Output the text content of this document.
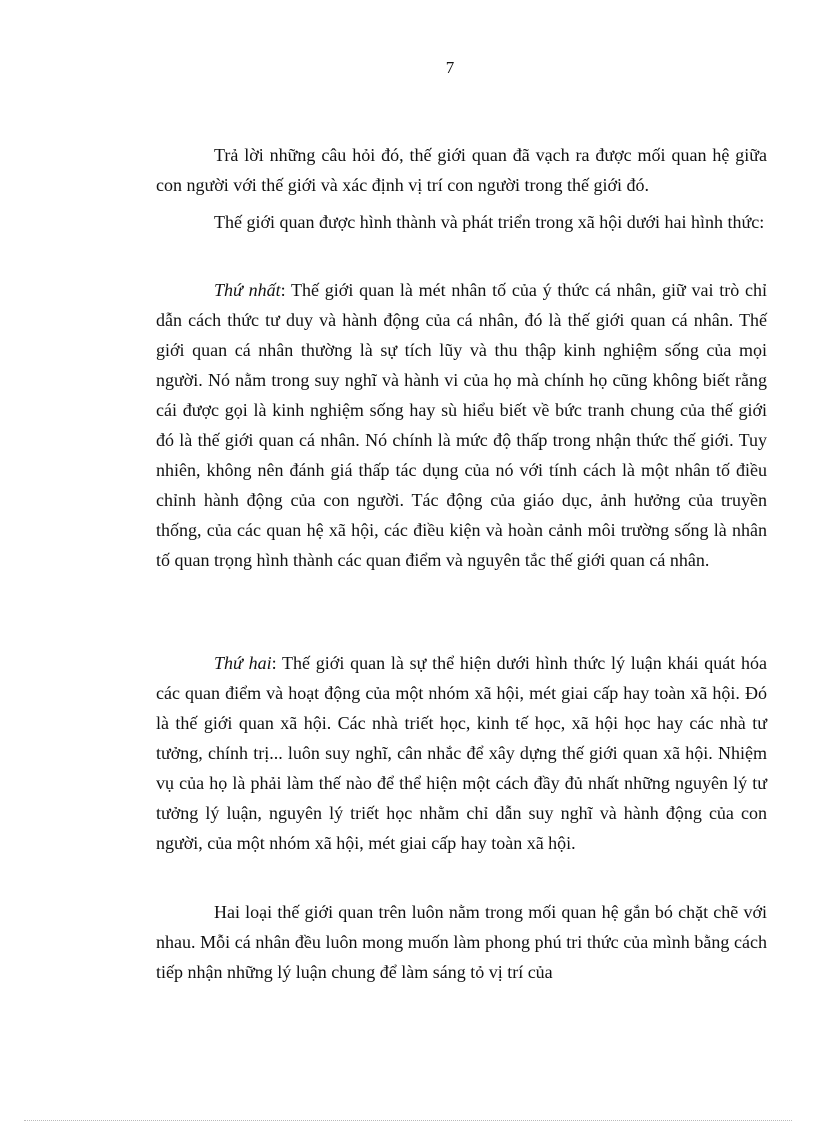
7

Trả lời những câu hỏi đó, thế giới quan đã vạch ra được mối quan hệ giữa con người với thế giới và xác định vị trí con người trong thế giới đó.

Thế giới quan được hình thành và phát triển trong xã hội dưới hai hình thức:

Thứ nhất: Thế giới quan là mét nhân tố của ý thức cá nhân, giữ vai trò chỉ dẫn cách thức tư duy và hành động của cá nhân, đó là thế giới quan cá nhân. Thế giới quan cá nhân thường là sự tích lũy và thu thập kinh nghiệm sống của mọi người. Nó nằm trong suy nghĩ và hành vi của họ mà chính họ cũng không biết rằng cái được gọi là kinh nghiệm sống hay sù hiểu biết về bức tranh chung của thế giới đó là thế giới quan cá nhân. Nó chính là mức độ thấp trong nhận thức thế giới. Tuy nhiên, không nên đánh giá thấp tác dụng của nó với tính cách là một nhân tố điều chỉnh hành động của con người. Tác động của giáo dục, ảnh hưởng của truyền thống, của các quan hệ xã hội, các điều kiện và hoàn cảnh môi trường sống là nhân tố quan trọng hình thành các quan điểm và nguyên tắc thế giới quan cá nhân.

Thứ hai: Thế giới quan là sự thể hiện dưới hình thức lý luận khái quát hóa các quan điểm và hoạt động của một nhóm xã hội, mét giai cấp hay toàn xã hội. Đó là thế giới quan xã hội. Các nhà triết học, kinh tế học, xã hội học hay các nhà tư tưởng, chính trị... luôn suy nghĩ, cân nhắc để xây dựng thế giới quan xã hội. Nhiệm vụ của họ là phải làm thế nào để thể hiện một cách đầy đủ nhất những nguyên lý tư tưởng lý luận, nguyên lý triết học nhằm chỉ dẫn suy nghĩ và hành động của con người, của một nhóm xã hội, mét giai cấp hay toàn xã hội.

Hai loại thế giới quan trên luôn nằm trong mối quan hệ gắn bó chặt chẽ với nhau. Mỗi cá nhân đều luôn mong muốn làm phong phú tri thức của mình bằng cách tiếp nhận những lý luận chung để làm sáng tỏ vị trí của
